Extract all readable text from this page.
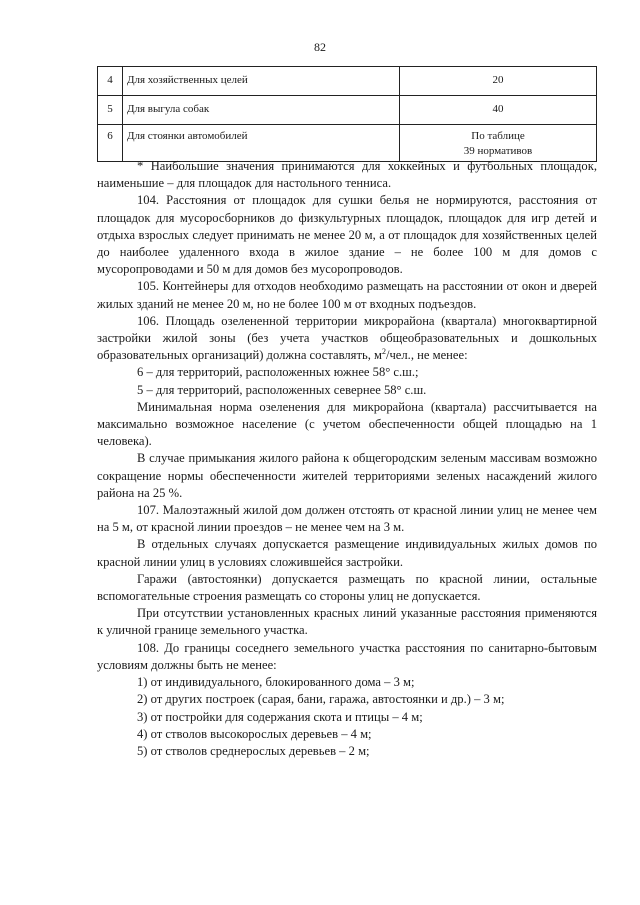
82
4	Для хозяйственных целей	20
5	Для выгула собак	40
6	Для стоянки автомобилей	По таблице
39 нормативов

* Наибольшие значения принимаются для хоккейных и футбольных площадок, наименьшие – для площадок для настольного тенниса.

104. Расстояния от площадок для сушки белья не нормируются, расстояния от площадок для мусоросборников до физкультурных площадок, площадок для игр детей и отдыха взрослых следует принимать не менее 20 м, а от площадок для хозяйственных целей до наиболее удаленного входа в жилое здание – не более 100 м для домов с мусоропроводами и 50 м для домов без мусоропроводов.

105. Контейнеры для отходов необходимо размещать на расстоянии от окон и дверей жилых зданий не менее 20 м, но не более 100 м от входных подъездов.

106. Площадь озелененной территории микрорайона (квартала) многоквартирной застройки жилой зоны (без учета участков общеобразовательных и дошкольных образовательных организаций) должна составлять, $м^2$/чел., не менее:

6 – для территорий, расположенных южнее 58° с.ш.;

5 – для территорий, расположенных севернее 58° с.ш.

Минимальная норма озеленения для микрорайона (квартала) рассчитывается на максимально возможное население (с учетом обеспеченности общей площадью на 1 человека).

В случае примыкания жилого района к общегородским зеленым массивам возможно сокращение нормы обеспеченности жителей территориями зеленых насаждений жилого района на 25 %.

107. Малоэтажный жилой дом должен отстоять от красной линии улиц не менее чем на 5 м, от красной линии проездов – не менее чем на 3 м.

В отдельных случаях допускается размещение индивидуальных жилых домов по красной линии улиц в условиях сложившейся застройки.

Гаражи (автостоянки) допускается размещать по красной линии, остальные вспомогательные строения размещать со стороны улиц не допускается.

При отсутствии установленных красных линий указанные расстояния применяются к уличной границе земельного участка.

108. До границы соседнего земельного участка расстояния по санитарно-бытовым условиям должны быть не менее:

1) от индивидуального, блокированного дома – 3 м;

2) от других построек (сарая, бани, гаража, автостоянки и др.) – 3 м;

3) от постройки для содержания скота и птицы – 4 м;

4) от стволов высокорослых деревьев – 4 м;

5) от стволов среднерослых деревьев – 2 м;
